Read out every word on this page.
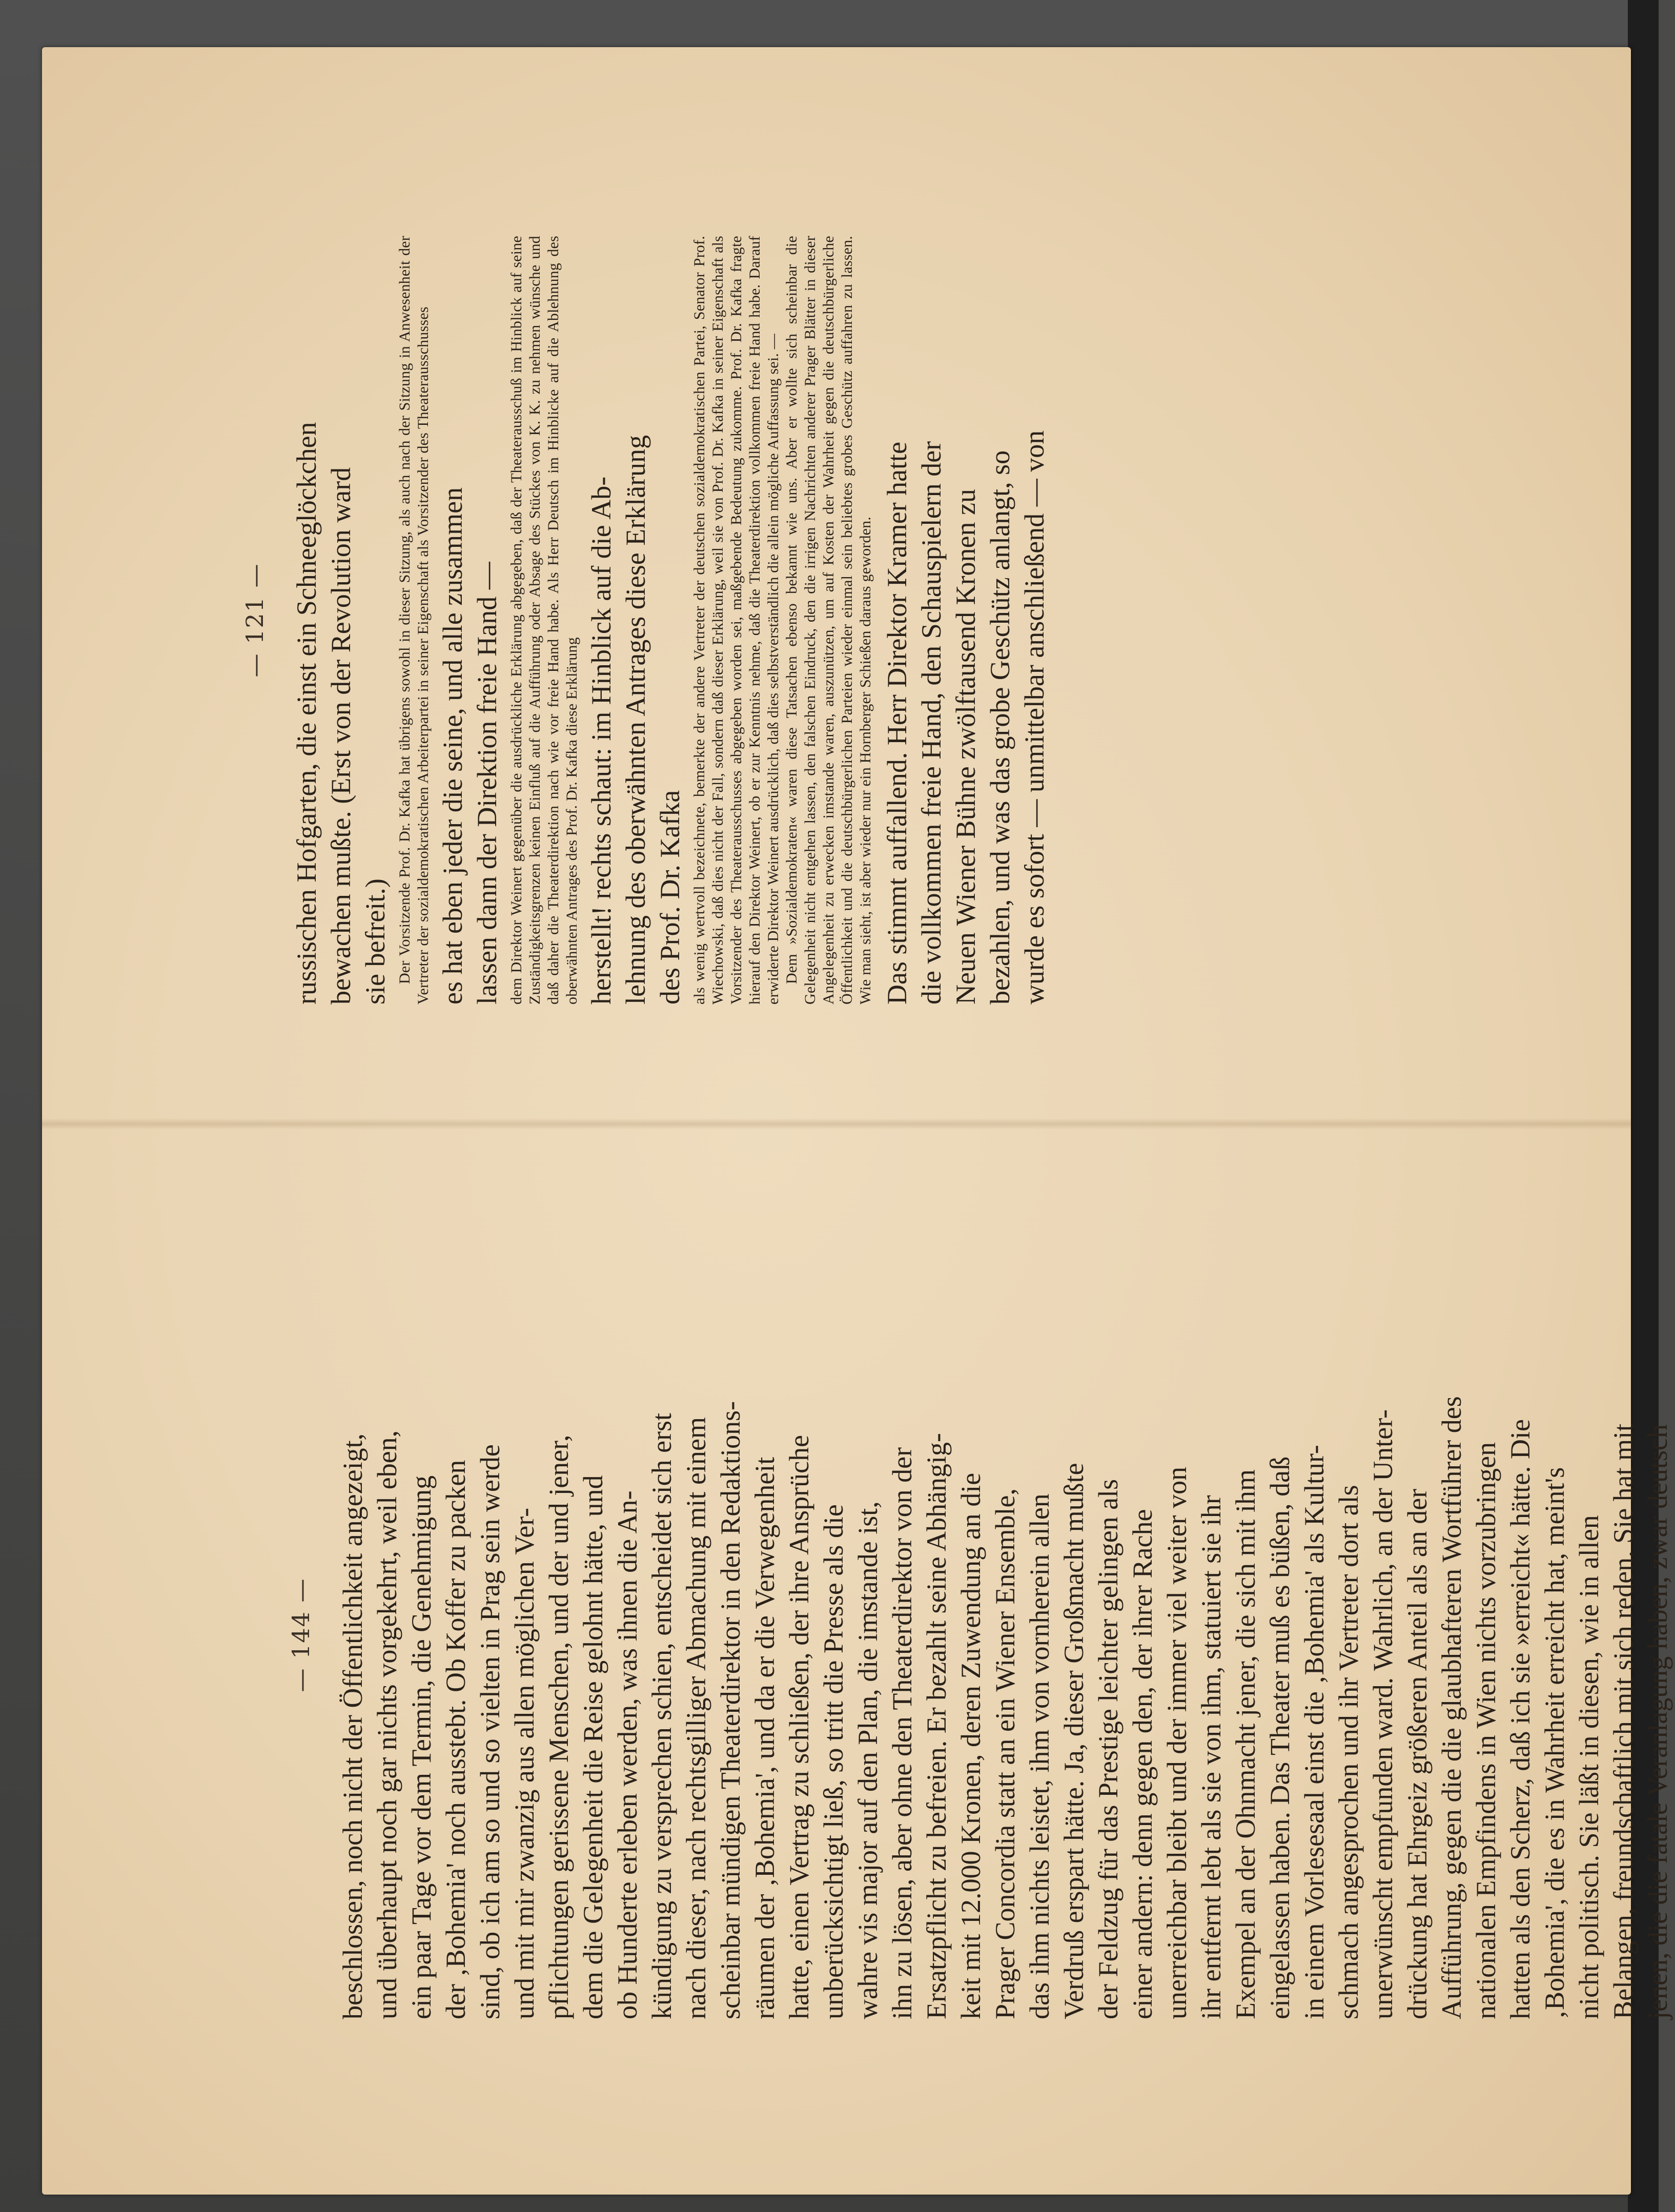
— 144 — beschlossen, noch nicht der Öffentlichkeit angezeigt, und überhaupt noch gar nichts vorgekehrt, weil eben, ein paar Tage vor dem Termin, die Genehmigung der ‚Bohemia' noch ausstebt. Ob Koffer zu packen sind, ob ich am so und so vielten in Prag sein werde und mit mir zwanzig aus allen möglichen Ver- pflichtungen gerissene Menschen, und der und jener, dem die Gelegenheit die Reise gelohnt hätte, und ob Hunderte erleben werden, was ihnen die An- kündigung zu versprechen schien, entscheidet sich erst nach dieser, nach rechtsgilliger Abmachung mit einem scheinbar mündigen Theaterdirektor in den Redaktions- räumen der ‚Bohemia', und da er die Verwegenheit hatte, einen Vertrag zu schließen, der ihre Ansprüche unberücksichtigt ließ, so tritt die Presse als die wahre vis major auf den Plan, die imstande ist, ihn zu lösen, aber ohne den Theaterdirektor von der Ersatzpflicht zu befreien. Er bezahlt seine Abhängig- keit mit 12.000 Kronen, deren Zuwendung an die Prager Concordia statt an ein Wiener Ensemble, das ihm nichts leistet, ihm von vornherein allen Verdruß erspart hätte. Ja, dieser Großmacht mußte der Feldzug für das Prestige leichter gelingen als einer andern: denn gegen den, der ihrer Rache unerreichbar bleibt und der immer viel weiter von ihr entfernt lebt als sie von ihm, statuiert sie ihr Exempel an der Ohnmacht jener, die sich mit ihm eingelassen haben. Das Theater muß es büßen, daß in einem Vorlesesaal einst die ‚Bohemia' als Kultur- schmach angesprochen und ihr Vertreter dort als unerwünscht empfunden ward. Wahrlich, an der Unter- drückung hat Ehrgeiz größeren Anteil als an der Aufführung, gegen die die glaubhafteren Wortführer des nationalen Empfindens in Wien nichts vorzubringen hatten als den Scherz, daß ich sie »erreicht« hätte. Die ‚Bohemia', die es in Wahrheit erreicht hat, meint's nicht politisch. Sie läßt in diesen, wie in allen Belangen, freundschaftlich mit sich reden. Sie hat mit jenen, die die fatale Veranlagung haben, zwar deutsch

— 121 — russischen Hofgarten, die einst ein Schneeglöckchen bewachen mußte. (Erst von der Revolution ward sie befreit.) Der Vorsitzende Prof. Dr. Kafka hat übrigens sowohl in dieser Sitzung, als auch nach der Sitzung in Anwesenheit der Vertreter der sozialdemokratischen Arbeiterpartei in seiner Eigenschaft als Vorsitzender des Theaterausschusses es hat eben jeder die seine, und alle zusammen lassen dann der Direktion freie Hand — dem Direktor Weinert gegenüber die ausdrückliche Erklärung abgegeben, daß der Theaterausschuß im Hinblick auf seine Zuständigkeitsgrenzen keinen Einfluß auf die Aufführung oder Absage des Stückes von K. K. zu nehmen wünsche und daß daher die Theaterdirektion nach wie vor freie Hand habe. Als Herr Deutsch im Hinblicke auf die Ablehnung des oberwähnten Antrages des Prof. Dr. Kafka diese Erklärung herstellt! rechts schaut: im Hinblick auf die Ab- lehnung des oberwähnten Antrages diese Erklärung des Prof. Dr. Kafka als wenig wertvoll bezeichnete, bemerkte der andere Vertreter der deutschen sozialdemokratischen Partei, Senator Prof. Wiechowski, daß dies nicht der Fall, sondern daß dieser Erklärung, weil sie von Prof. Dr. Kafka in seiner Eigenschaft als Vorsitzender des Theaterausschusses abgegeben worden sei, maßgebende Bedeutung zukomme. Prof. Dr. Kafka fragte hierauf den Direktor Weinert, ob er zur Kenntnis nehme, daß die Theaterdirektion vollkommen freie Hand habe. Darauf erwiderte Direktor Weinert ausdrücklich, daß dies selbstverständlich die allein mögliche Auffassung sei. — Dem »Sozialdemokraten« waren diese Tatsachen ebenso bekannt wie uns. Aber er wollte sich scheinbar die Gelegenheit nicht entgehen lassen, den falschen Eindruck, den die irrigen Nachrichten anderer Prager Blätter in dieser Angelegenheit zu erwecken imstande waren, auszunützen, um auf Kosten der Wahrheit gegen die deutschbürgerliche Öffentlichkeit und die deutschbürgerlichen Parteien wieder einmal sein beliebtes grobes Geschütz auffahren zu lassen. Wie man sieht, ist aber wieder nur ein Hornberger Schießen daraus geworden. Das stimmt auffallend. Herr Direktor Kramer hatte die vollkommen freie Hand, den Schauspielern der Neuen Wiener Bühne zwölftausend Kronen zu bezahlen, und was das grobe Geschütz anlangt, so wurde es sofort — unmittelbar anschließend — von
